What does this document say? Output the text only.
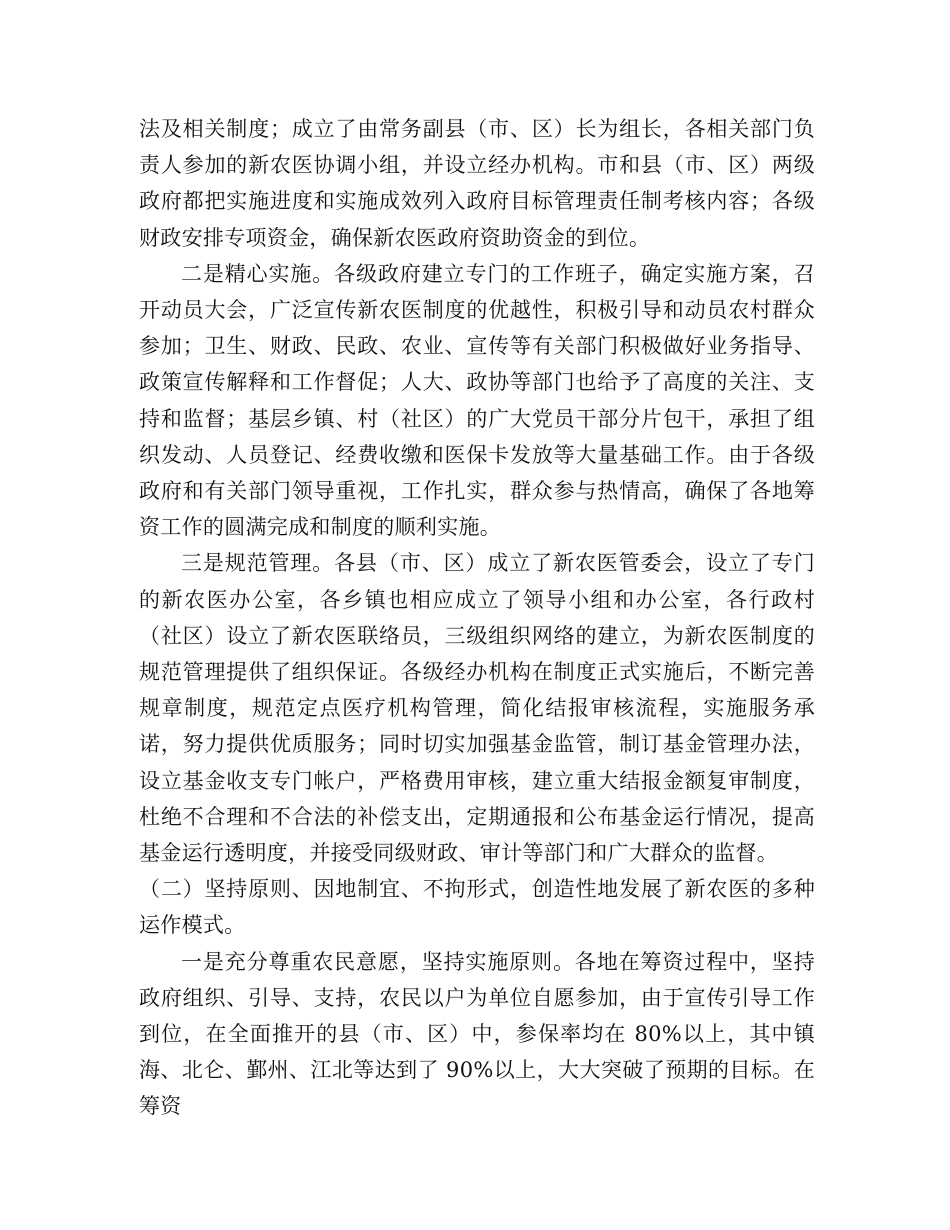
法及相关制度；成立了由常务副县（市、区）长为组长，各相关部门负责人参加的新农医协调小组，并设立经办机构。市和县（市、区）两级政府都把实施进度和实施成效列入政府目标管理责任制考核内容；各级财政安排专项资金，确保新农医政府资助资金的到位。

二是精心实施。各级政府建立专门的工作班子，确定实施方案，召开动员大会，广泛宣传新农医制度的优越性，积极引导和动员农村群众参加；卫生、财政、民政、农业、宣传等有关部门积极做好业务指导、政策宣传解释和工作督促；人大、政协等部门也给予了高度的关注、支持和监督；基层乡镇、村（社区）的广大党员干部分片包干，承担了组织发动、人员登记、经费收缴和医保卡发放等大量基础工作。由于各级政府和有关部门领导重视，工作扎实，群众参与热情高，确保了各地筹资工作的圆满完成和制度的顺利实施。

三是规范管理。各县（市、区）成立了新农医管委会，设立了专门的新农医办公室，各乡镇也相应成立了领导小组和办公室，各行政村（社区）设立了新农医联络员，三级组织网络的建立，为新农医制度的规范管理提供了组织保证。各级经办机构在制度正式实施后，不断完善规章制度，规范定点医疗机构管理，简化结报审核流程，实施服务承诺，努力提供优质服务；同时切实加强基金监管，制订基金管理办法，设立基金收支专门帐户，严格费用审核，建立重大结报金额复审制度，杜绝不合理和不合法的补偿支出，定期通报和公布基金运行情况，提高基金运行透明度，并接受同级财政、审计等部门和广大群众的监督。

（二）坚持原则、因地制宜、不拘形式，创造性地发展了新农医的多种运作模式。

一是充分尊重农民意愿，坚持实施原则。各地在筹资过程中，坚持政府组织、引导、支持，农民以户为单位自愿参加，由于宣传引导工作到位，在全面推开的县（市、区）中，参保率均在 80%以上，其中镇海、北仑、鄞州、江北等达到了 90%以上，大大突破了预期的目标。在筹资
